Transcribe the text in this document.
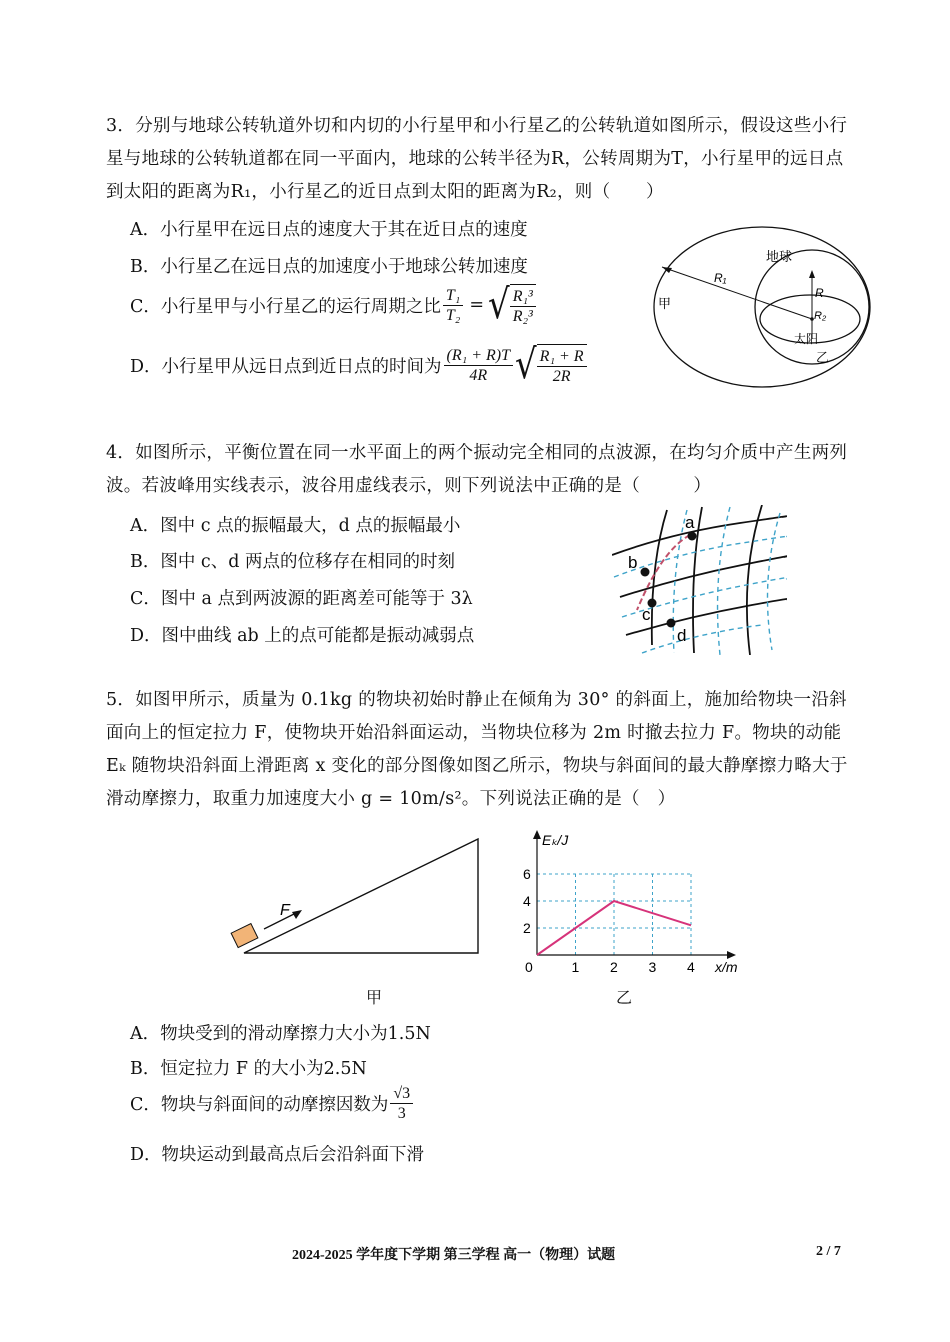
3．分别与地球公转轨道外切和内切的小行星甲和小行星乙的公转轨道如图所示，假设这些小行星与地球的公转轨道都在同一平面内，地球的公转半径为R，公转周期为T，小行星甲的远日点到太阳的距离为R₁，小行星乙的近日点到太阳的距离为R₂，则（　　）
A．小行星甲在远日点的速度大于其在近日点的速度
B．小行星乙在远日点的加速度小于地球公转加速度
C．小行星甲与小行星乙的运行周期之比 $\frac{\text{T₁}}{\text{T₂}}$ = √ $\frac{\text{R₁³}}{\text{R₂³}}$
D．小行星甲从远日点到近日点的时间为 $\frac{\text{(R₁ + R)T}}{4R}$ √ $\frac{\text{R₁ + R}}{2R}$
地球
甲
乙
太阳
R₁
R
R₂
4．如图所示，平衡位置在同一水平面上的两个振动完全相同的点波源，在均匀介质中产生两列波。若波峰用实线表示，波谷用虚线表示，则下列说法中正确的是（　　　）
A．图中 c 点的振幅最大，d 点的振幅最小
B．图中 c、d 两点的位移存在相同的时刻
C．图中 a 点到两波源的距离差可能等于 3λ
D．图中曲线 ab 上的点可能都是振动减弱点
a
b
c
d
5．如图甲所示，质量为 0.1kg 的物块初始时静止在倾角为 30° 的斜面上，施加给物块一沿斜面向上的恒定拉力 F，使物块开始沿斜面运动，当物块位移为 2m 时撤去拉力 F。物块的动能 Eₖ 随物块沿斜面上滑距离 x 变化的部分图像如图乙所示，物块与斜面间的最大静摩擦力略大于滑动摩擦力，取重力加速度大小 g = 10m/s²。下列说法正确的是（　）
F
甲
1 2 3 4
2
4
6
Eₖ/J
x/m
0
乙
A．物块受到的滑动摩擦力大小为1.5N
B．恒定拉力 F 的大小为2.5N
C．物块与斜面间的动摩擦因数为 $\frac{√3}{3}$
D．物块运动到最高点后会沿斜面下滑
2024-2025 学年度下学期 第三学程 高一（物理）试题	2 / 7
